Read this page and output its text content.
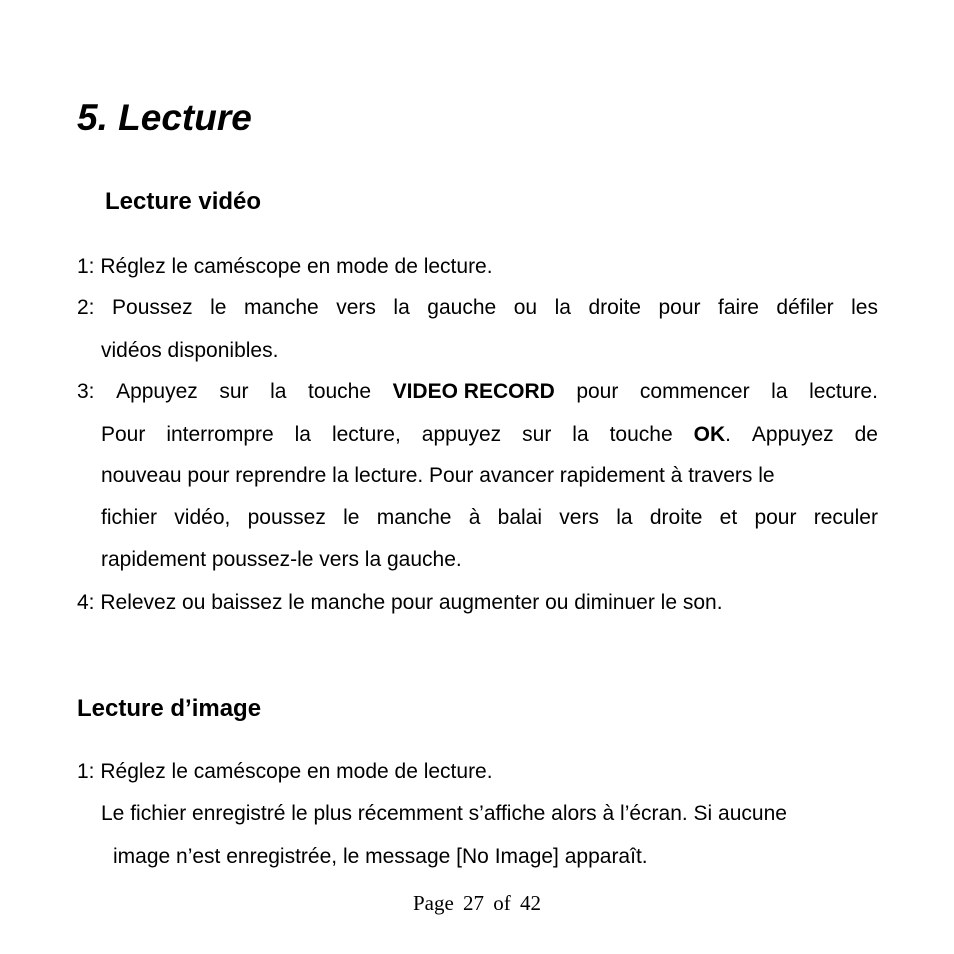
5. Lecture
Lecture vidéo
1: Réglez le caméscope en mode de lecture.
2: Poussez le manche vers la gauche ou la droite pour faire défiler les
vidéos disponibles.
3: Appuyez sur la touche VIDEO RECORD pour commencer la lecture.
Pour interrompre la lecture, appuyez sur la touche OK. Appuyez de
nouveau pour reprendre la lecture. Pour avancer rapidement à travers le
fichier vidéo, poussez le manche à balai vers la droite et pour reculer
rapidement poussez-le vers la gauche.
4: Relevez ou baissez le manche pour augmenter ou diminuer le son.
Lecture d’image
1: Réglez le caméscope en mode de lecture.
Le fichier enregistré le plus récemment s’affiche alors à l’écran. Si aucune
image n’est enregistrée, le message [No Image] apparaît.
Page 27 of 42
